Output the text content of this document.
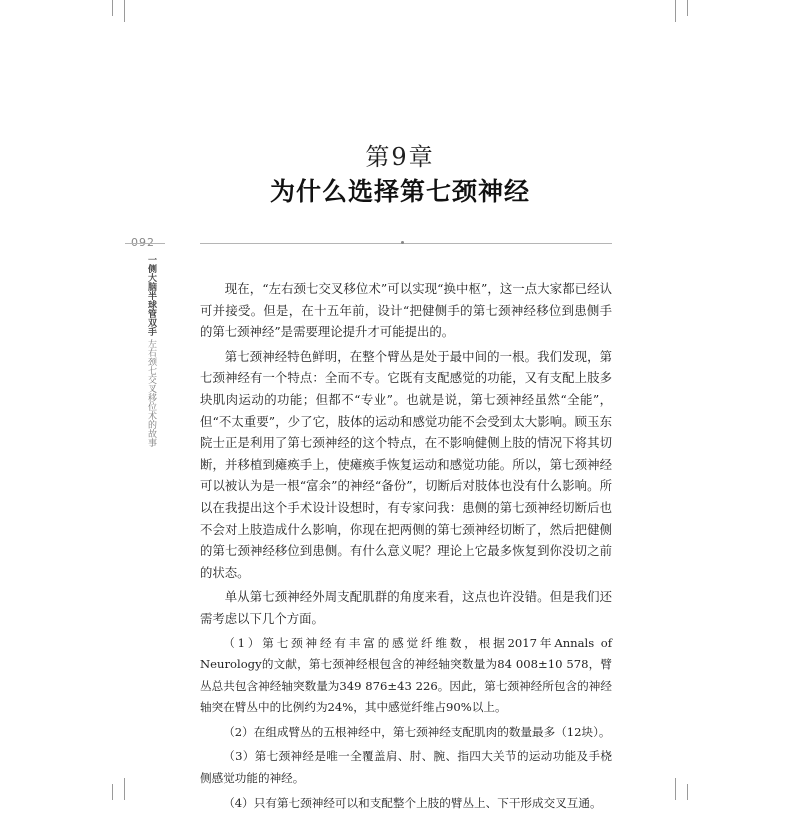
第9章
为什么选择第七颈神经
092
一侧大脑半球管双手 左右颈七交叉移位术的故事

现在，“左右颈七交叉移位术”可以实现“换中枢”，这一点大家都已经认可并接受。但是，在十五年前，设计“把健侧手的第七颈神经移位到患侧手的第七颈神经”是需要理论提升才可能提出的。

第七颈神经特色鲜明，在整个臂丛是处于最中间的一根。我们发现，第七颈神经有一个特点：全而不专。它既有支配感觉的功能，又有支配上肢多块肌肉运动的功能；但都不“专业”。也就是说，第七颈神经虽然“全能”，但“不太重要”，少了它，肢体的运动和感觉功能不会受到太大影响。顾玉东院士正是利用了第七颈神经的这个特点，在不影响健侧上肢的情况下将其切断，并移植到瘫痪手上，使瘫痪手恢复运动和感觉功能。所以，第七颈神经可以被认为是一根“富余”的神经“备份”，切断后对肢体也没有什么影响。所以在我提出这个手术设计设想时，有专家问我：患侧的第七颈神经切断后也不会对上肢造成什么影响，你现在把两侧的第七颈神经切断了，然后把健侧的第七颈神经移位到患侧。有什么意义呢？理论上它最多恢复到你没切之前的状态。

单从第七颈神经外周支配肌群的角度来看，这点也许没错。但是我们还需考虑以下几个方面。

（1）第七颈神经有丰富的感觉纤维数，根据2017年Annals of Neurology的文献，第七颈神经根包含的神经轴突数量为84 008±10 578，臂丛总共包含神经轴突数量为349 876±43 226。因此，第七颈神经所包含的神经轴突在臂丛中的比例约为24%，其中感觉纤维占90%以上。

（2）在组成臂丛的五根神经中，第七颈神经支配肌肉的数量最多（12块）。

（3）第七颈神经是唯一全覆盖肩、肘、腕、指四大关节的运动功能及手桡侧感觉功能的神经。

（4）只有第七颈神经可以和支配整个上肢的臂丛上、下干形成交叉互通。
